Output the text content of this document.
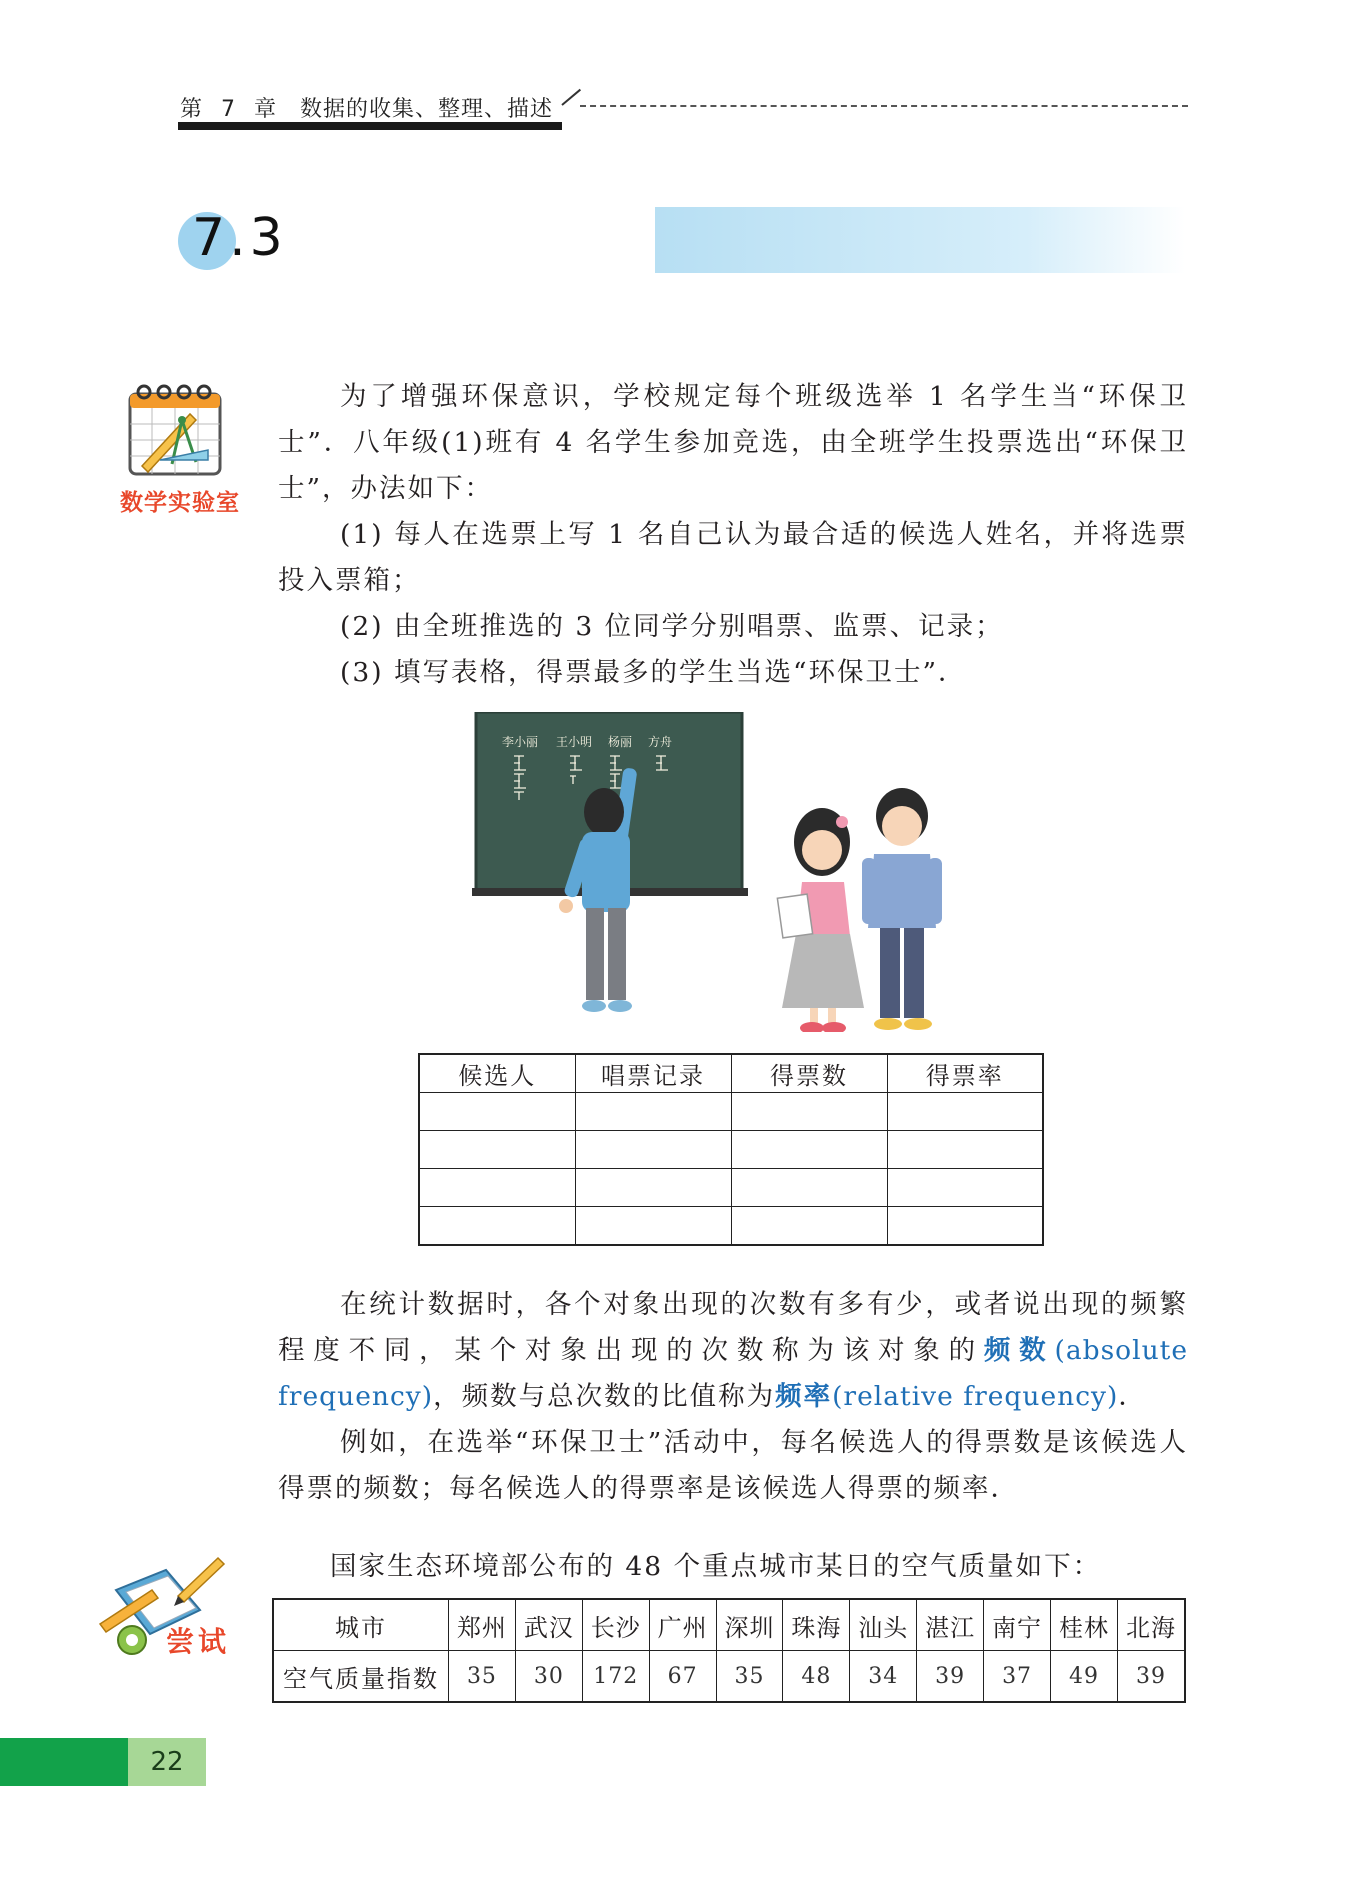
第 7 章　数据的收集、整理、描述
7.3
数学实验室
为了增强环保意识，学校规定每个班级选举 1 名学生当“环保卫士”．八年级(1)班有 4 名学生参加竞选，由全班学生投票选出“环保卫士”，办法如下：
(1) 每人在选票上写 1 名自己认为最合适的候选人姓名，并将选票投入票箱；
(2) 由全班推选的 3 位同学分别唱票、监票、记录；
(3) 填写表格，得票最多的学生当选“环保卫士”．
李小丽 王小明 杨丽 方舟
候选人	唱票记录	得票数	得票率

在统计数据时，各个对象出现的次数有多有少，或者说出现的频繁程度不同，某个对象出现的次数称为该对象的频数(absolute frequency)，频数与总次数的比值称为频率(relative frequency)．
例如，在选举“环保卫士”活动中，每名候选人的得票数是该候选人得票的频数；每名候选人的得票率是该候选人得票的频率．
尝试
国家生态环境部公布的 48 个重点城市某日的空气质量如下：
城市	郑州	武汉	长沙	广州	深圳	珠海	汕头	湛江	南宁	桂林	北海
空气质量指数	35	30	172	67	35	48	34	39	37	49	39
22
